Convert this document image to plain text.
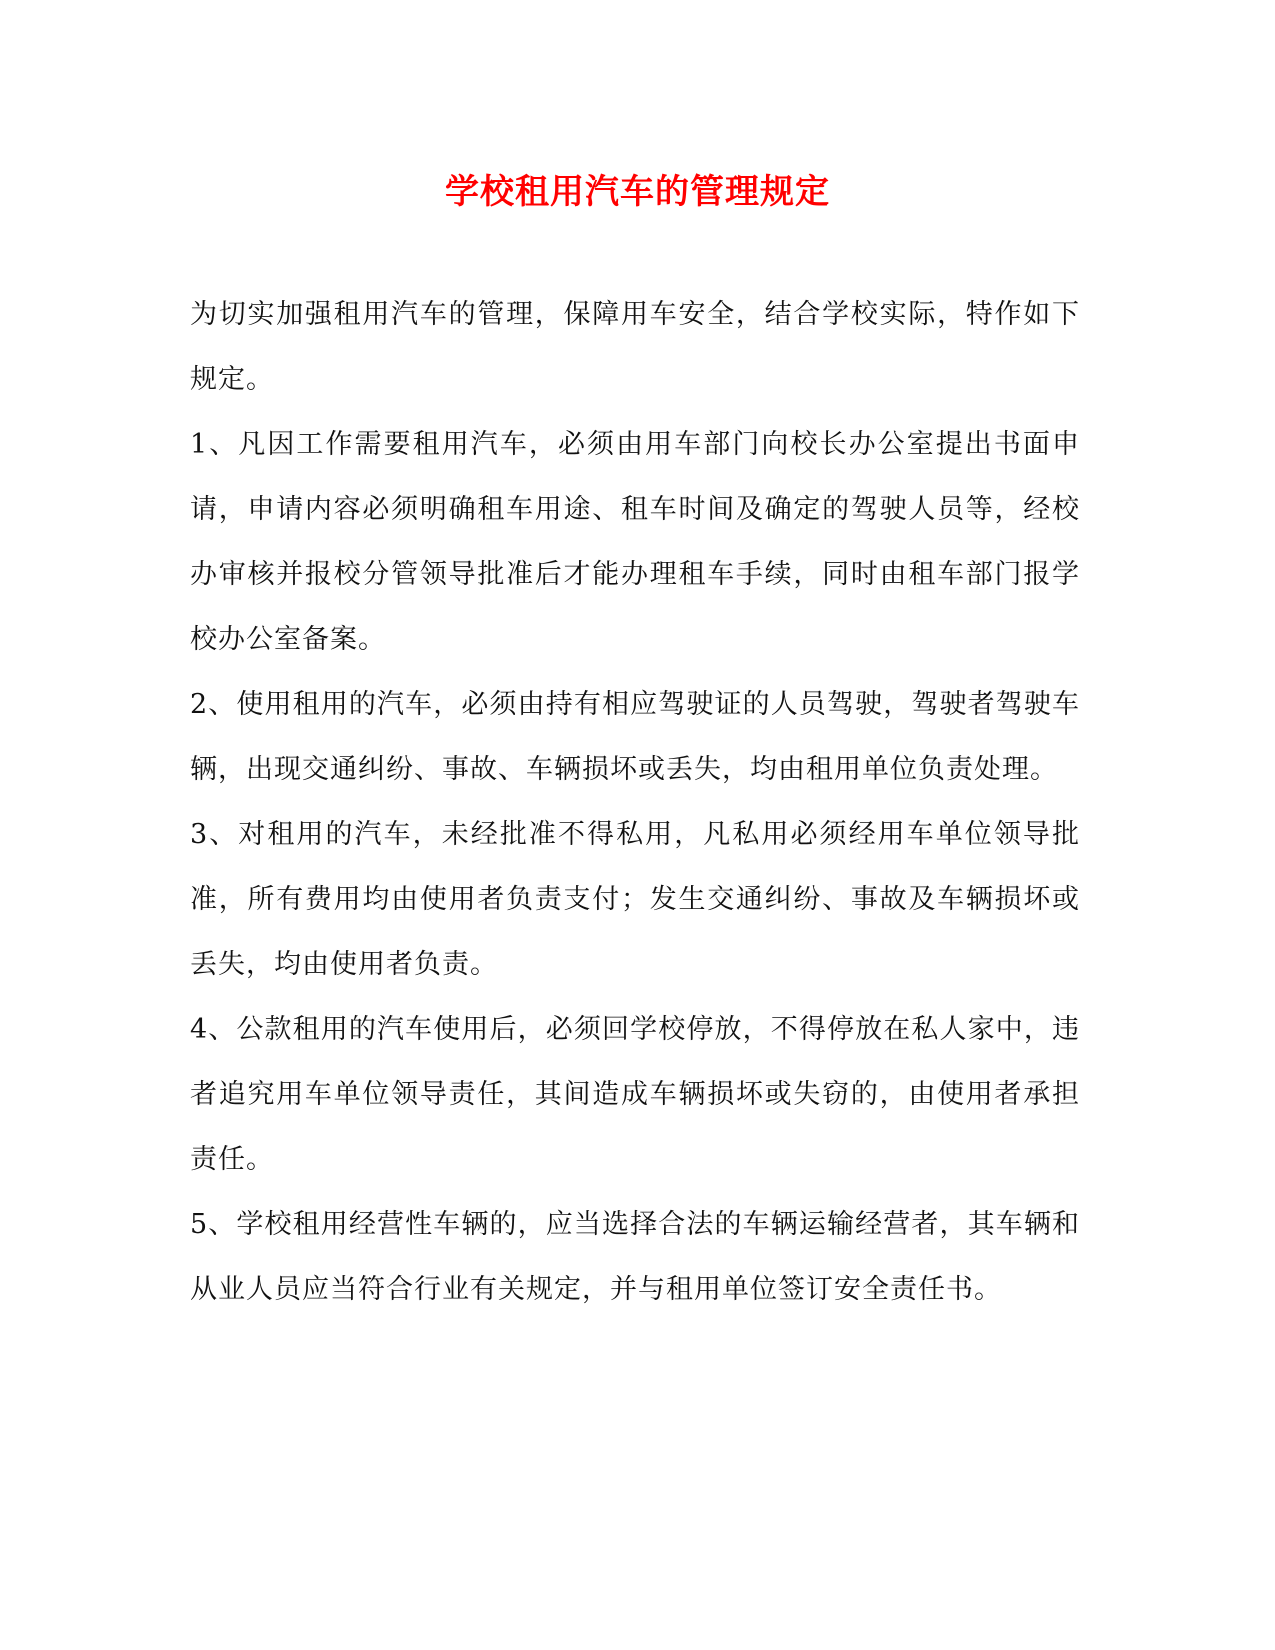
学校租用汽车的管理规定

为切实加强租用汽车的管理，保障用车安全，结合学校实际，特作如下规定。

1、凡因工作需要租用汽车，必须由用车部门向校长办公室提出书面申请，申请内容必须明确租车用途、租车时间及确定的驾驶人员等，经校办审核并报校分管领导批准后才能办理租车手续，同时由租车部门报学校办公室备案。

2、使用租用的汽车，必须由持有相应驾驶证的人员驾驶，驾驶者驾驶车辆，出现交通纠纷、事故、车辆损坏或丢失，均由租用单位负责处理。

3、对租用的汽车，未经批准不得私用，凡私用必须经用车单位领导批准，所有费用均由使用者负责支付；发生交通纠纷、事故及车辆损坏或丢失，均由使用者负责。

4、公款租用的汽车使用后，必须回学校停放，不得停放在私人家中，违者追究用车单位领导责任，其间造成车辆损坏或失窃的，由使用者承担责任。

5、学校租用经营性车辆的，应当选择合法的车辆运输经营者，其车辆和从业人员应当符合行业有关规定，并与租用单位签订安全责任书。
